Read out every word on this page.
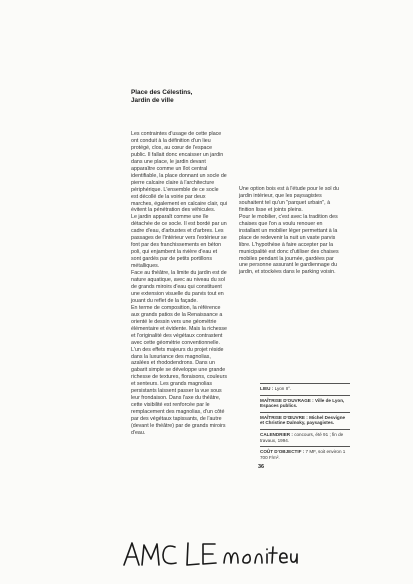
Place des Célestins,
Jardin de ville

Les contraintes d'usage de cette place ont conduit à la définition d'un lieu protégé, clos, au cœur de l'espace public. Il fallait donc encaisser un jardin dans une place, le jardin devant apparaître comme un îlot central identifiable, la place donnant un socle de pierre calcaire claire à l'architecture périphérique. L'ensemble de ce socle est décollé de la voirie par deux marches, également en calcaire clair, qui évitent la pénétration des véhicules.

Le jardin apparaît comme une île détachée de ce socle. Il est bordé par un cadre d'eau, d'arbustes et d'arbres. Les passages de l'intérieur vers l'extérieur se font par des franchissements en béton poli, qui enjambent la rivière d'eau et sont gardés par de petits portillons métalliques.

Face au théâtre, la limite du jardin est de nature aquatique, avec au niveau du sol de grands miroirs d'eau qui constituent une extension visuelle du parvis tout en jouant du reflet de la façade.

En terme de composition, la référence aux grands patios de la Renaissance a orienté le dessin vers une géométrie élémentaire et évidente. Mais la richesse et l'originalité des végétaux contrastent avec cette géométrie conventionnelle. L'un des effets majeurs du projet réside dans la luxuriance des magnolias, azalées et rhododendrons. Dans un gabarit simple se développe une grande richesse de textures, floraisons, couleurs et senteurs. Les grands magnolias persistants laissent passer la vue sous leur frondaison. Dans l'axe du théâtre, cette visibilité est renforcée par le remplacement des magnolias, d'un côté par des végétaux tapissants, de l'autre (devant le théâtre) par de grands miroirs d'eau.

Une option bois est à l'étude pour le sol du jardin intérieur, que les paysagistes souhaitent tel qu'un "parquet urbain", à finition lisse et joints pleins.

Pour le mobilier, c'est avec la tradition des chaises que l'on a voulu renouer en installant un mobilier léger permettant à la place de redevenir la nuit un vaste parvis libre. L'hypothèse à faire accepter par la municipalité est donc d'utiliser des chaises mobiles pendant la journée, gardées par une personne assurant le gardiennage du jardin, et stockées dans le parking voisin.

LIEU : Lyon II°.
MAÎTRISE D'OUVRAGE : Ville de Lyon, Espaces publics.
MAÎTRISE D'ŒUVRE : Michel Desvigne et Christine Dalnoky, paysagistes.
CALENDRIER : concours, été 91 ; fin de travaux, 1994.
COÛT D'OBJECTIF : 7 MF, soit environ 1 700 F/m².
36
